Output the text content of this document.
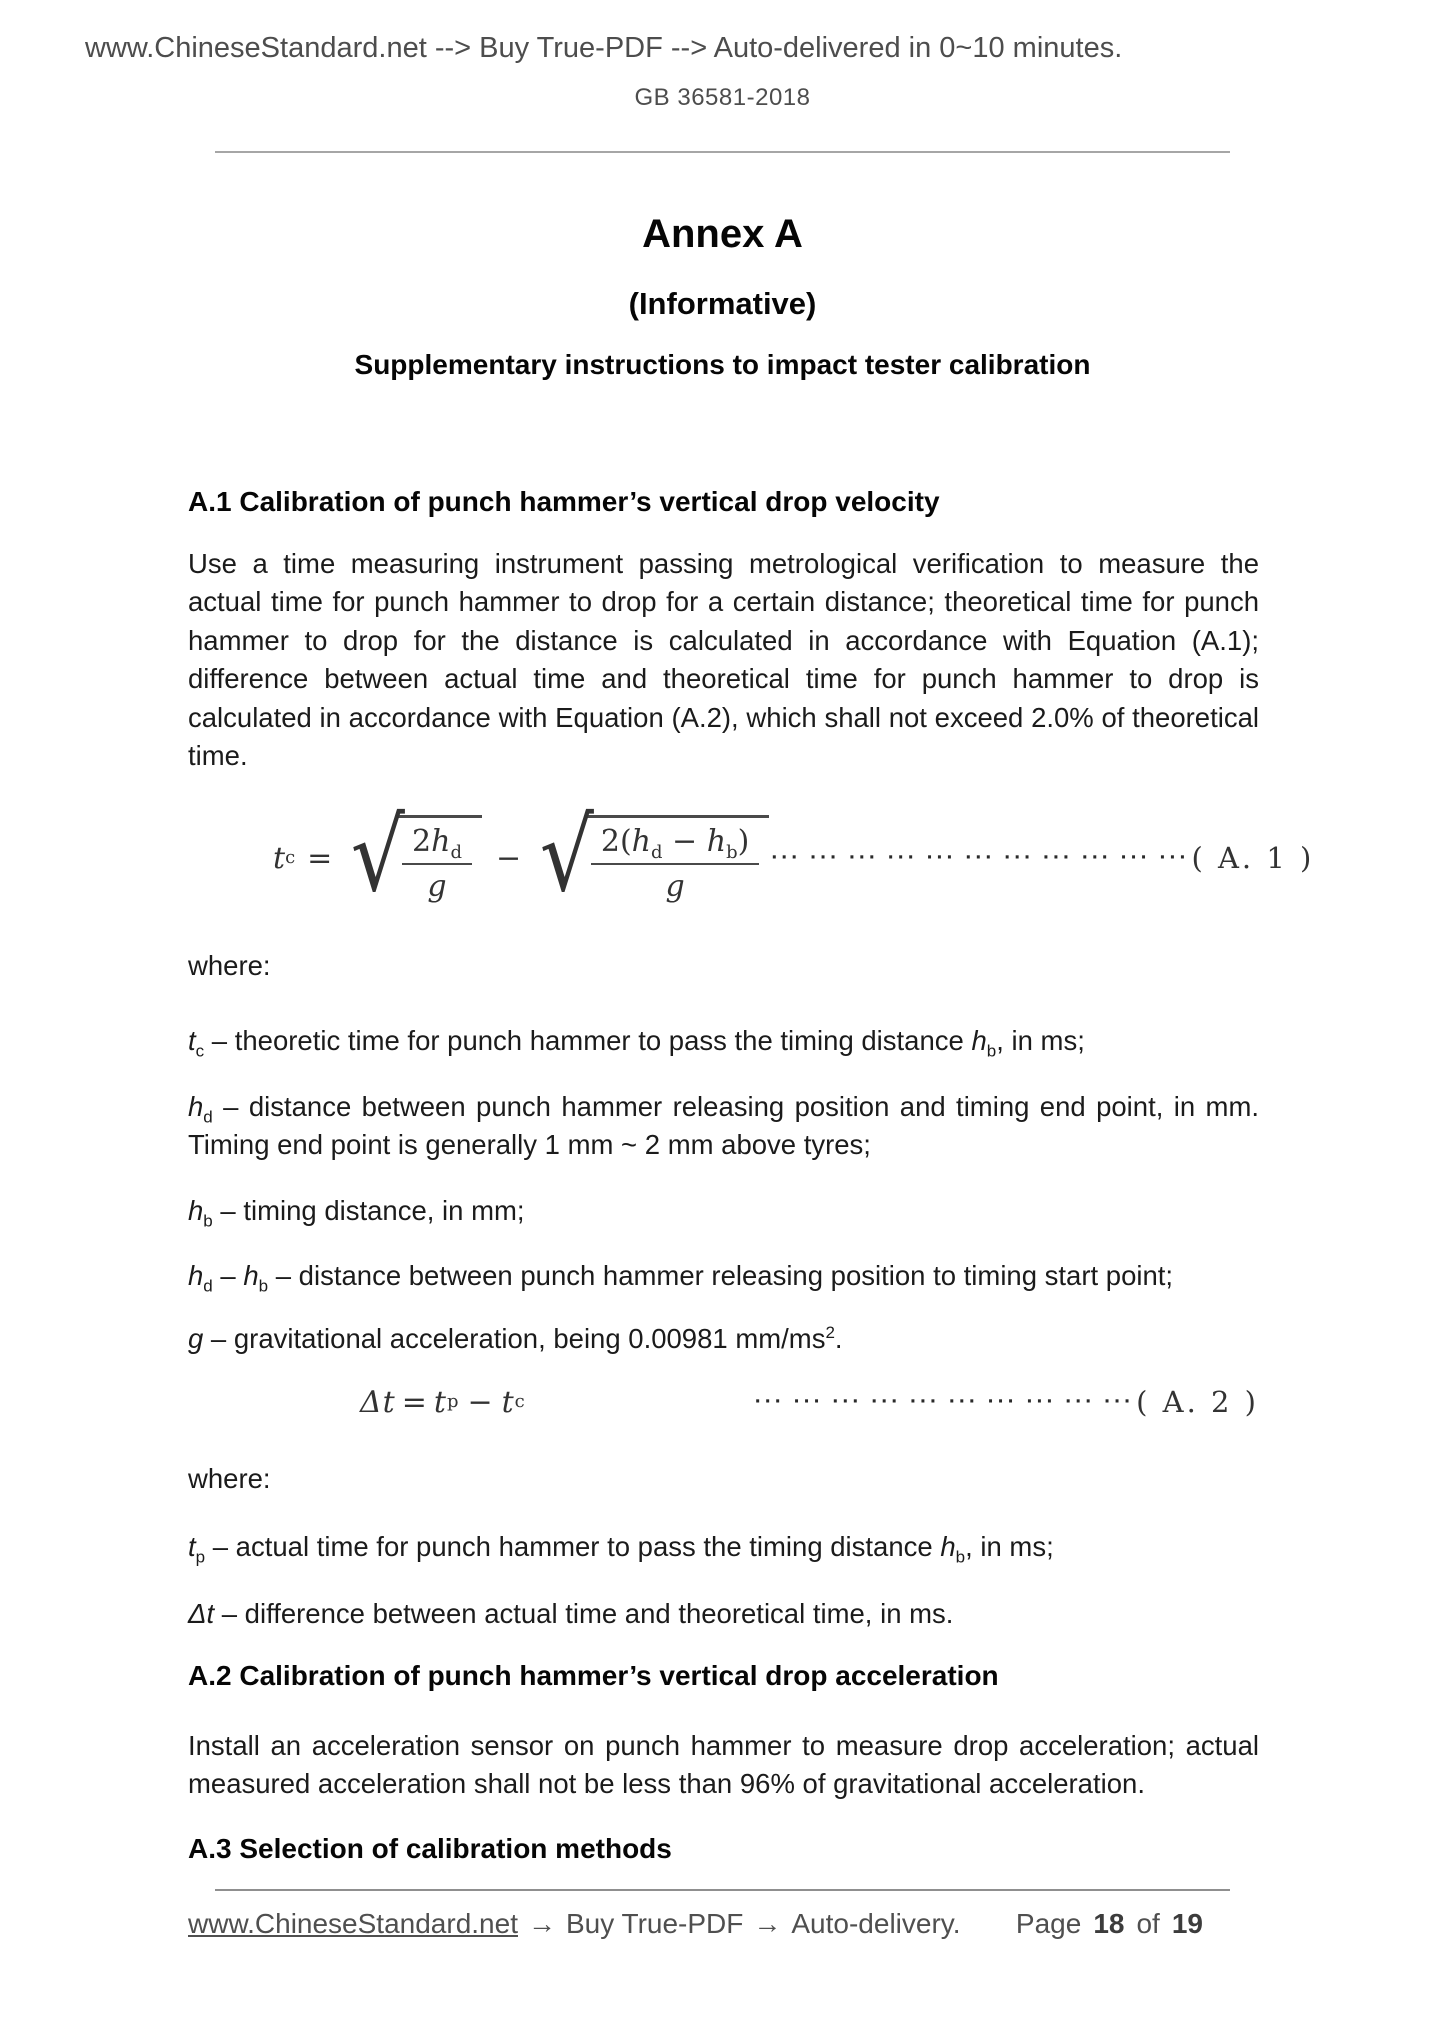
www.ChineseStandard.net --> Buy True-PDF --> Auto-delivered in 0~10 minutes.
GB 36581-2018
Annex A
(Informative)
Supplementary instructions to impact tester calibration
A.1 Calibration of punch hammer’s vertical drop velocity

Use a time measuring instrument passing metrological verification to measure the actual time for punch hammer to drop for a certain distance; theoretical time for punch hammer to drop for the distance is calculated in accordance with Equation (A.1); difference between actual time and theoretical time for punch hammer to drop is calculated in accordance with Equation (A.2), which shall not exceed 2.0% of theoretical time.

t c = √
$\frac{2h_d}{g}$ − √
$\frac{2(h_d - h_b)}{g}$ ··· ··· ··· ··· ··· ··· ··· ··· ··· ··· ··· ( A. 1 )
where:

$t_c$ – theoretic time for punch hammer to pass the timing distance $h_b$, in ms;

$h_d$ – distance between punch hammer releasing position and timing end point, in mm. Timing end point is generally 1 mm ~ 2 mm above tyres;

$h_b$ – timing distance, in mm;

$h_d - h_b$ – distance between punch hammer releasing position to timing start point;

g – gravitational acceleration, being 0.00981 $mm/ms^2$.

Δt = t p − t c	··· ··· ··· ··· ··· ··· ··· ··· ··· ··· ( A. 2 )
where:

$t_p$ – actual time for punch hammer to pass the timing distance $h_b$, in ms;

Δt – difference between actual time and theoretical time, in ms.

A.2 Calibration of punch hammer’s vertical drop acceleration

Install an acceleration sensor on punch hammer to measure drop acceleration; actual measured acceleration shall not be less than 96% of gravitational acceleration.

A.3 Selection of calibration methods
www.ChineseStandard.net → Buy True-PDF → Auto-delivery. Page 18 of 19
